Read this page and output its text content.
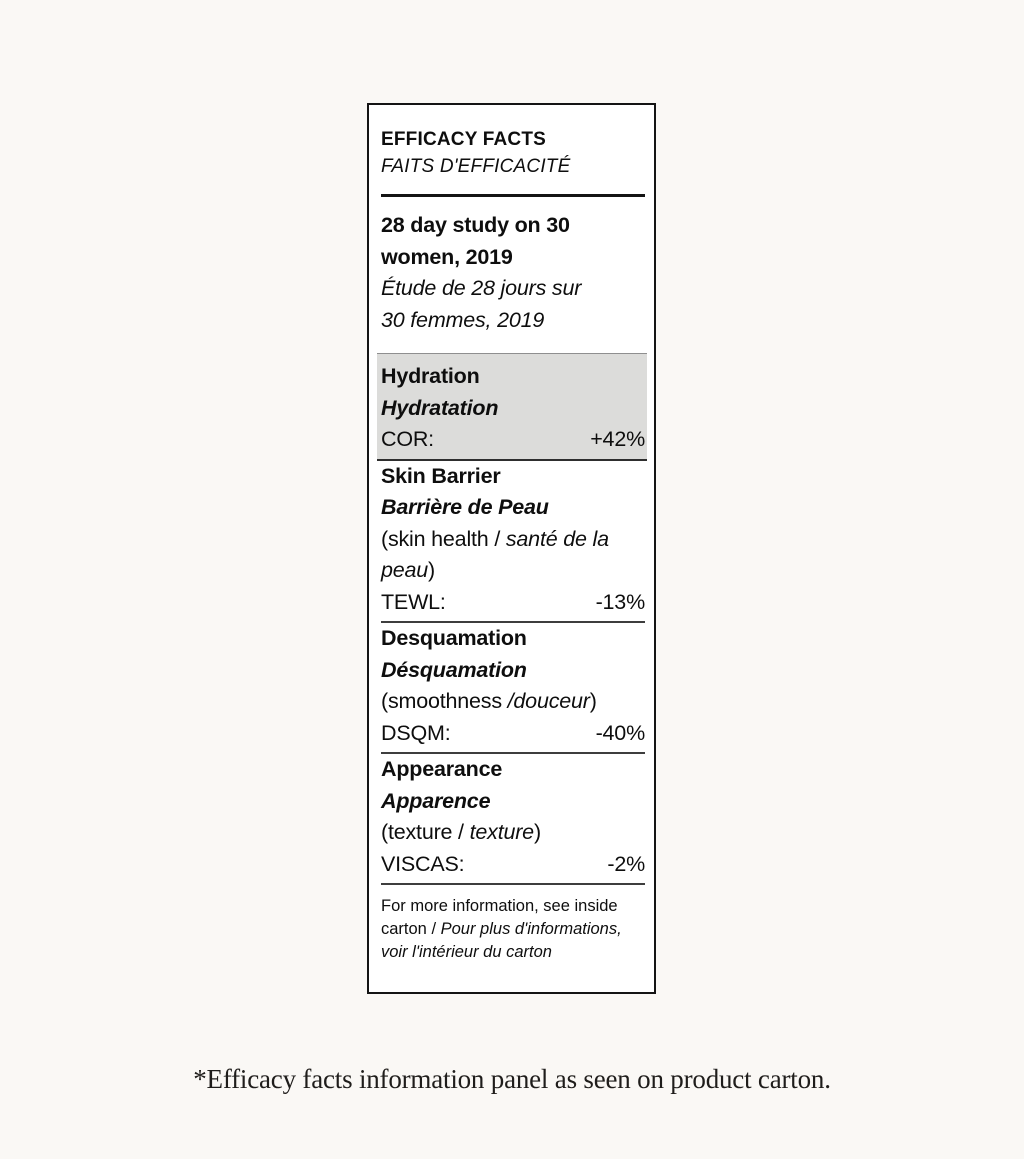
EFFICACY FACTS
FAITS D'EFFICACITÉ
28 day study on 30
women, 2019
Étude de 28 jours sur
30 femmes, 2019
Hydration
Hydratation
COR:	+42%
Skin Barrier
Barrière de Peau
(skin health / santé de la peau)
TEWL:	-13%
Desquamation
Désquamation
(smoothness /douceur)
DSQM:	-40%
Appearance
Apparence
(texture / texture)
VISCAS:	-2%
For more information, see inside carton / Pour plus d'informations, voir l'intérieur du carton
*Efficacy facts information panel as seen on product carton.
